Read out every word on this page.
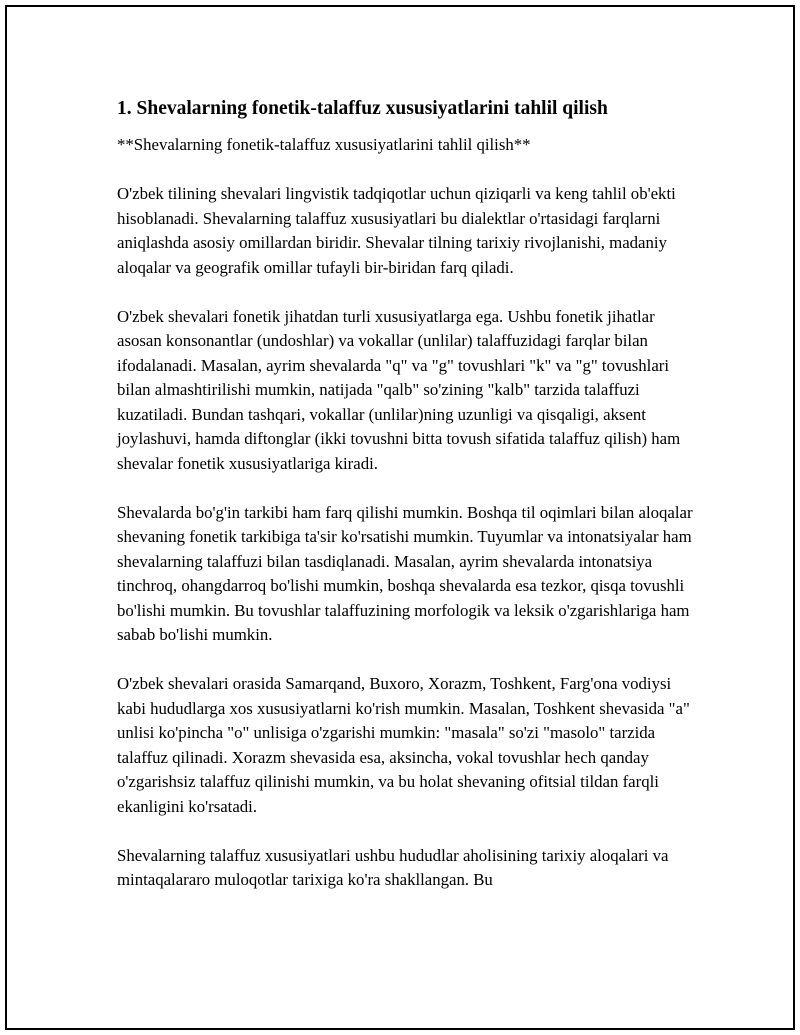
1. Shevalarning fonetik-talaffuz xususiyatlarini tahlil qilish

**Shevalarning fonetik-talaffuz xususiyatlarini tahlil qilish**

O'zbek tilining shevalari lingvistik tadqiqotlar uchun qiziqarli va keng tahlil ob'ekti hisoblanadi. Shevalarning talaffuz xususiyatlari bu dialektlar o'rtasidagi farqlarni aniqlashda asosiy omillardan biridir. Shevalar tilning tarixiy rivojlanishi, madaniy aloqalar va geografik omillar tufayli bir-biridan farq qiladi.

O'zbek shevalari fonetik jihatdan turli xususiyatlarga ega. Ushbu fonetik jihatlar asosan konsonantlar (undoshlar) va vokallar (unlilar) talaffuzidagi farqlar bilan ifodalanadi. Masalan, ayrim shevalarda "q" va "g" tovushlari "k" va "g" tovushlari bilan almashtirilishi mumkin, natijada "qalb" so'zining "kalb" tarzida talaffuzi kuzatiladi. Bundan tashqari, vokallar (unlilar)ning uzunligi va qisqaligi, aksent joylashuvi, hamda diftonglar (ikki tovushni bitta tovush sifatida talaffuz qilish) ham shevalar fonetik xususiyatlariga kiradi.

Shevalarda bo'g'in tarkibi ham farq qilishi mumkin. Boshqa til oqimlari bilan aloqalar shevaning fonetik tarkibiga ta'sir ko'rsatishi mumkin. Tuyumlar va intonatsiyalar ham shevalarning talaffuzi bilan tasdiqlanadi. Masalan, ayrim shevalarda intonatsiya tinchroq, ohangdarroq bo'lishi mumkin, boshqa shevalarda esa tezkor, qisqa tovushli bo'lishi mumkin. Bu tovushlar talaffuzining morfologik va leksik o'zgarishlariga ham sabab bo'lishi mumkin.

O'zbek shevalari orasida Samarqand, Buxoro, Xorazm, Toshkent, Farg'ona vodiysi kabi hududlarga xos xususiyatlarni ko'rish mumkin. Masalan, Toshkent shevasida "a" unlisi ko'pincha "o" unlisiga o'zgarishi mumkin: "masala" so'zi "masolo" tarzida talaffuz qilinadi. Xorazm shevasida esa, aksincha, vokal tovushlar hech qanday o'zgarishsiz talaffuz qilinishi mumkin, va bu holat shevaning ofitsial tildan farqli ekanligini ko'rsatadi.

Shevalarning talaffuz xususiyatlari ushbu hududlar aholisining tarixiy aloqalari va mintaqalararo muloqotlar tarixiga ko'ra shakllangan. Bu
